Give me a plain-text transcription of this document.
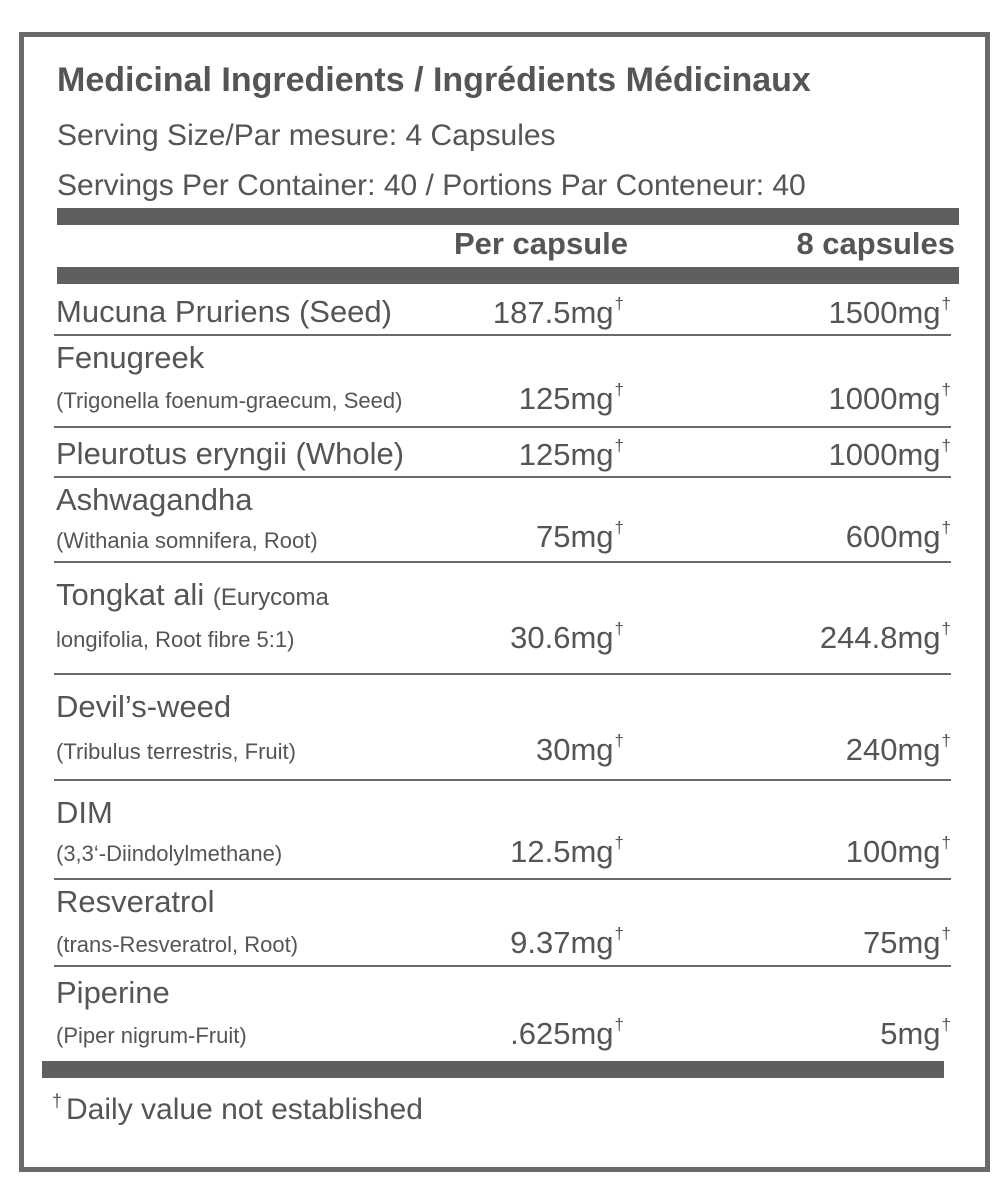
Medicinal Ingredients / Ingrédients Médicinaux
Serving Size/Par mesure: 4 Capsules
Servings Per Container: 40 / Portions Par Conteneur: 40
Per capsule	8 capsules
Mucuna Pruriens (Seed)	187.5mg†	1500mg†
Fenugreek
(Trigonella foenum-graecum, Seed)	125mg†	1000mg†
Pleurotus eryngii (Whole)	125mg†	1000mg†
Ashwagandha
(Withania somnifera, Root)	75mg†	600mg†
Tongkat ali (Eurycoma
longifolia, Root fibre 5:1)	30.6mg†	244.8mg†
Devil’s-weed
(Tribulus terrestris, Fruit)	30mg†	240mg†
DIM
(3,3‘-Diindolylmethane)	12.5mg†	100mg†
Resveratrol
(trans-Resveratrol, Root)	9.37mg†	75mg†
Piperine
(Piper nigrum-Fruit)	.625mg†	5mg†
† Daily value not established
